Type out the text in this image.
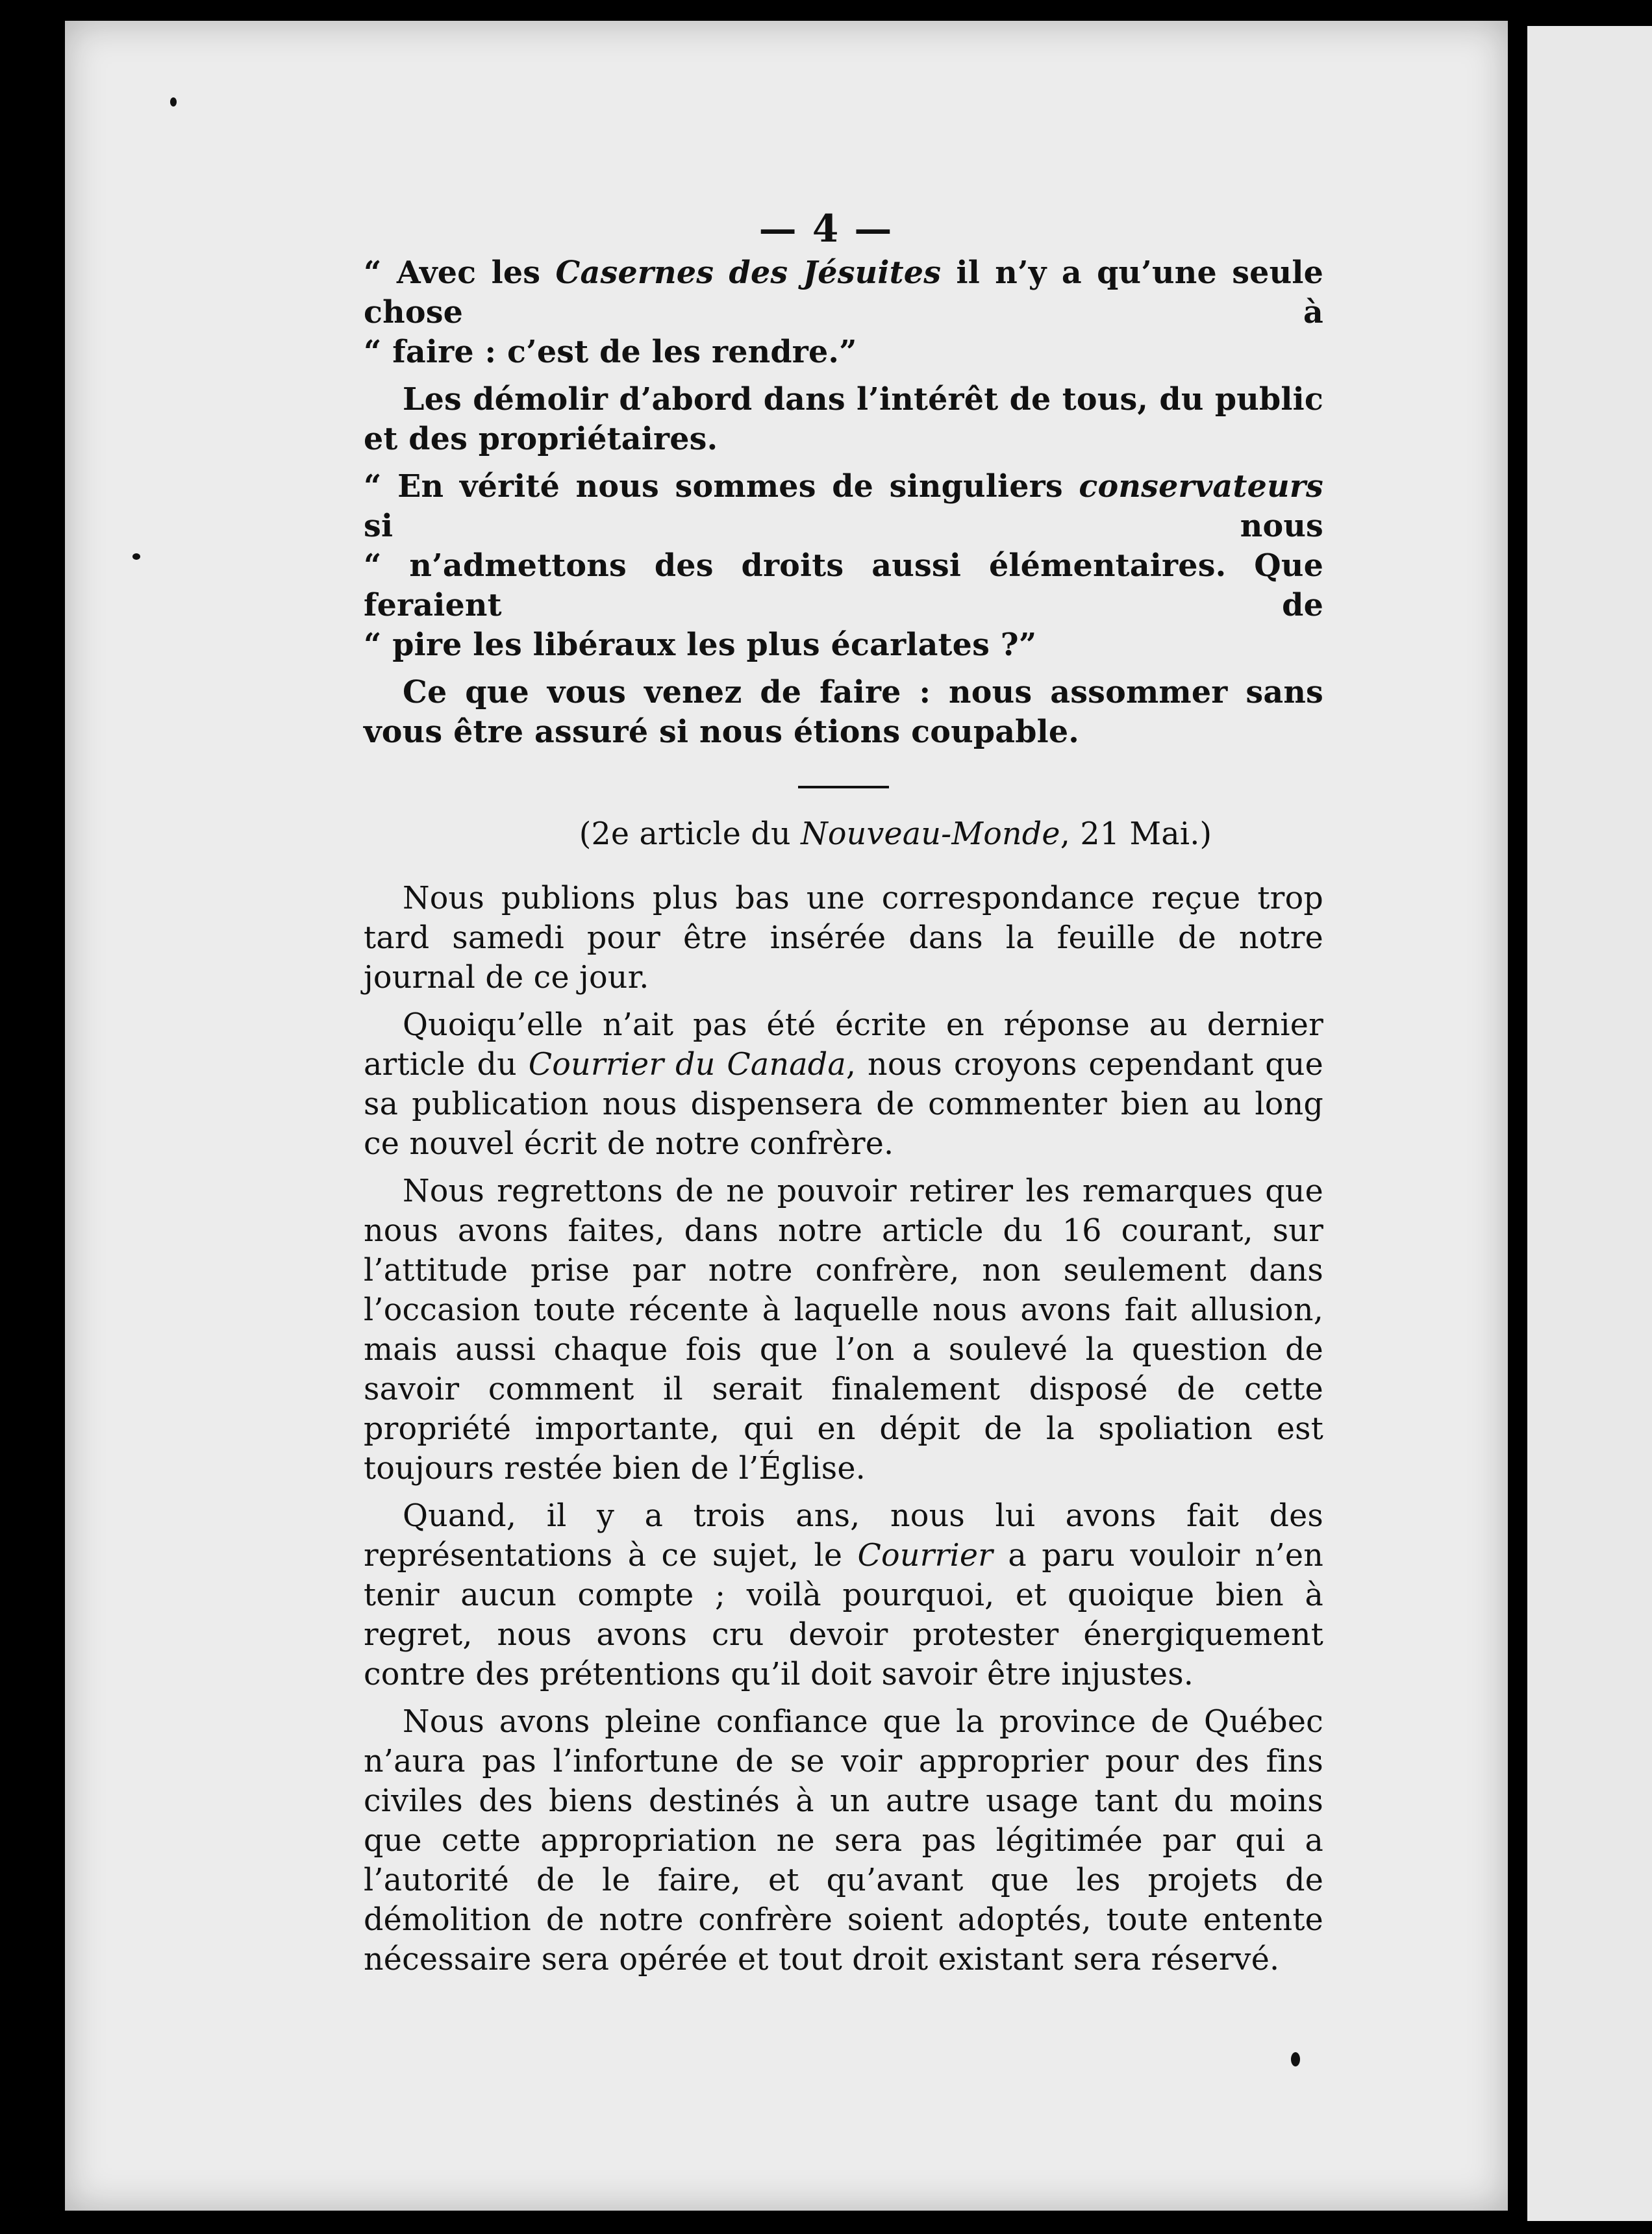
— 4 —
“ Avec les Casernes des Jésuites il n’y a qu’une seule chose à
“ faire : c’est de les rendre.”

Les démolir d’abord dans l’intérêt de tous, du public et des propriétaires.

“ En vérité nous sommes de singuliers conservateurs si nous
“ n’admettons des droits aussi élémentaires. Que feraient de
“ pire les libéraux les plus écarlates ?”

Ce que vous venez de faire : nous assommer sans vous être assuré si nous étions coupable.

(2e article du Nouveau-Monde, 21 Mai.)

Nous publions plus bas une correspondance reçue trop tard samedi pour être insérée dans la feuille de notre journal de ce jour.

Quoiqu’elle n’ait pas été écrite en réponse au dernier article du Courrier du Canada, nous croyons cependant que sa publication nous dispensera de commenter bien au long ce nouvel écrit de notre confrère.

Nous regrettons de ne pouvoir retirer les remarques que nous avons faites, dans notre article du 16 courant, sur l’attitude prise par notre confrère, non seulement dans l’occasion toute récente à laquelle nous avons fait allusion, mais aussi chaque fois que l’on a soulevé la question de savoir comment il serait finalement disposé de cette propriété importante, qui en dépit de la spoliation est toujours restée bien de l’Église.

Quand, il y a trois ans, nous lui avons fait des représentations à ce sujet, le Courrier a paru vouloir n’en tenir aucun compte ; voilà pourquoi, et quoique bien à regret, nous avons cru devoir protester énergiquement contre des prétentions qu’il doit savoir être injustes.

Nous avons pleine confiance que la province de Québec n’aura pas l’infortune de se voir approprier pour des fins civiles des biens destinés à un autre usage tant du moins que cette appropriation ne sera pas légitimée par qui a l’autorité de le faire, et qu’avant que les projets de démolition de notre confrère soient adoptés, toute entente nécessaire sera opérée et tout droit existant sera réservé.
